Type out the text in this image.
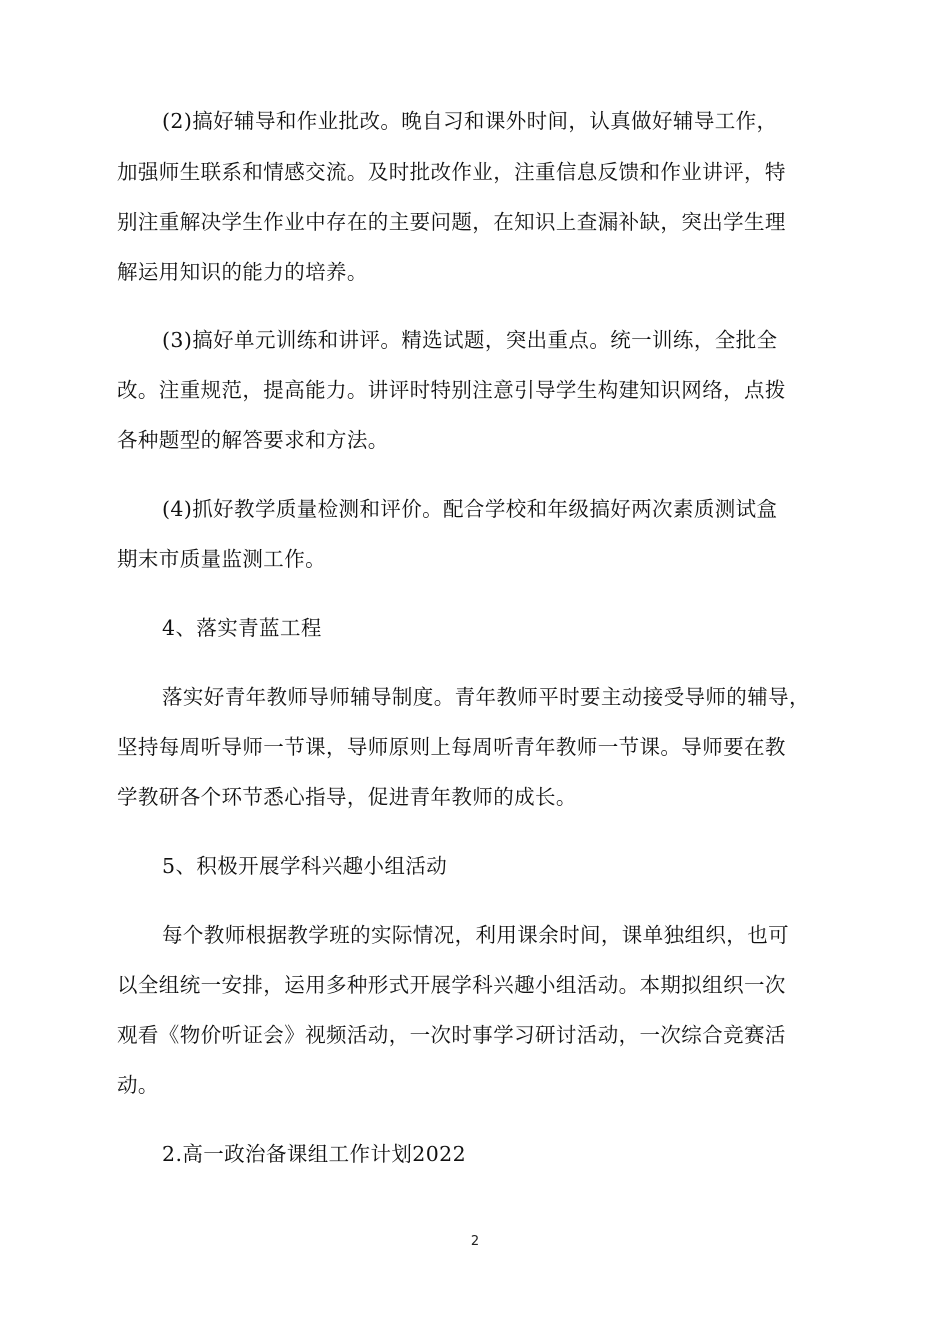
(2)搞好辅导和作业批改。晚自习和课外时间，认真做好辅导工作，

加强师生联系和情感交流。及时批改作业，注重信息反馈和作业讲评，特

别注重解决学生作业中存在的主要问题，在知识上查漏补缺，突出学生理

解运用知识的能力的培养。

(3)搞好单元训练和讲评。精选试题，突出重点。统一训练，全批全

改。注重规范，提高能力。讲评时特别注意引导学生构建知识网络，点拨

各种题型的解答要求和方法。

(4)抓好教学质量检测和评价。配合学校和年级搞好两次素质测试盒

期末市质量监测工作。

4、落实青蓝工程

落实好青年教师导师辅导制度。青年教师平时要主动接受导师的辅导，

坚持每周听导师一节课，导师原则上每周听青年教师一节课。导师要在教

学教研各个环节悉心指导，促进青年教师的成长。

5、积极开展学科兴趣小组活动

每个教师根据教学班的实际情况，利用课余时间，课单独组织，也可

以全组统一安排，运用多种形式开展学科兴趣小组活动。本期拟组织一次

观看《物价听证会》视频活动，一次时事学习研讨活动，一次综合竞赛活

动。

2.高一政治备课组工作计划2022

2
